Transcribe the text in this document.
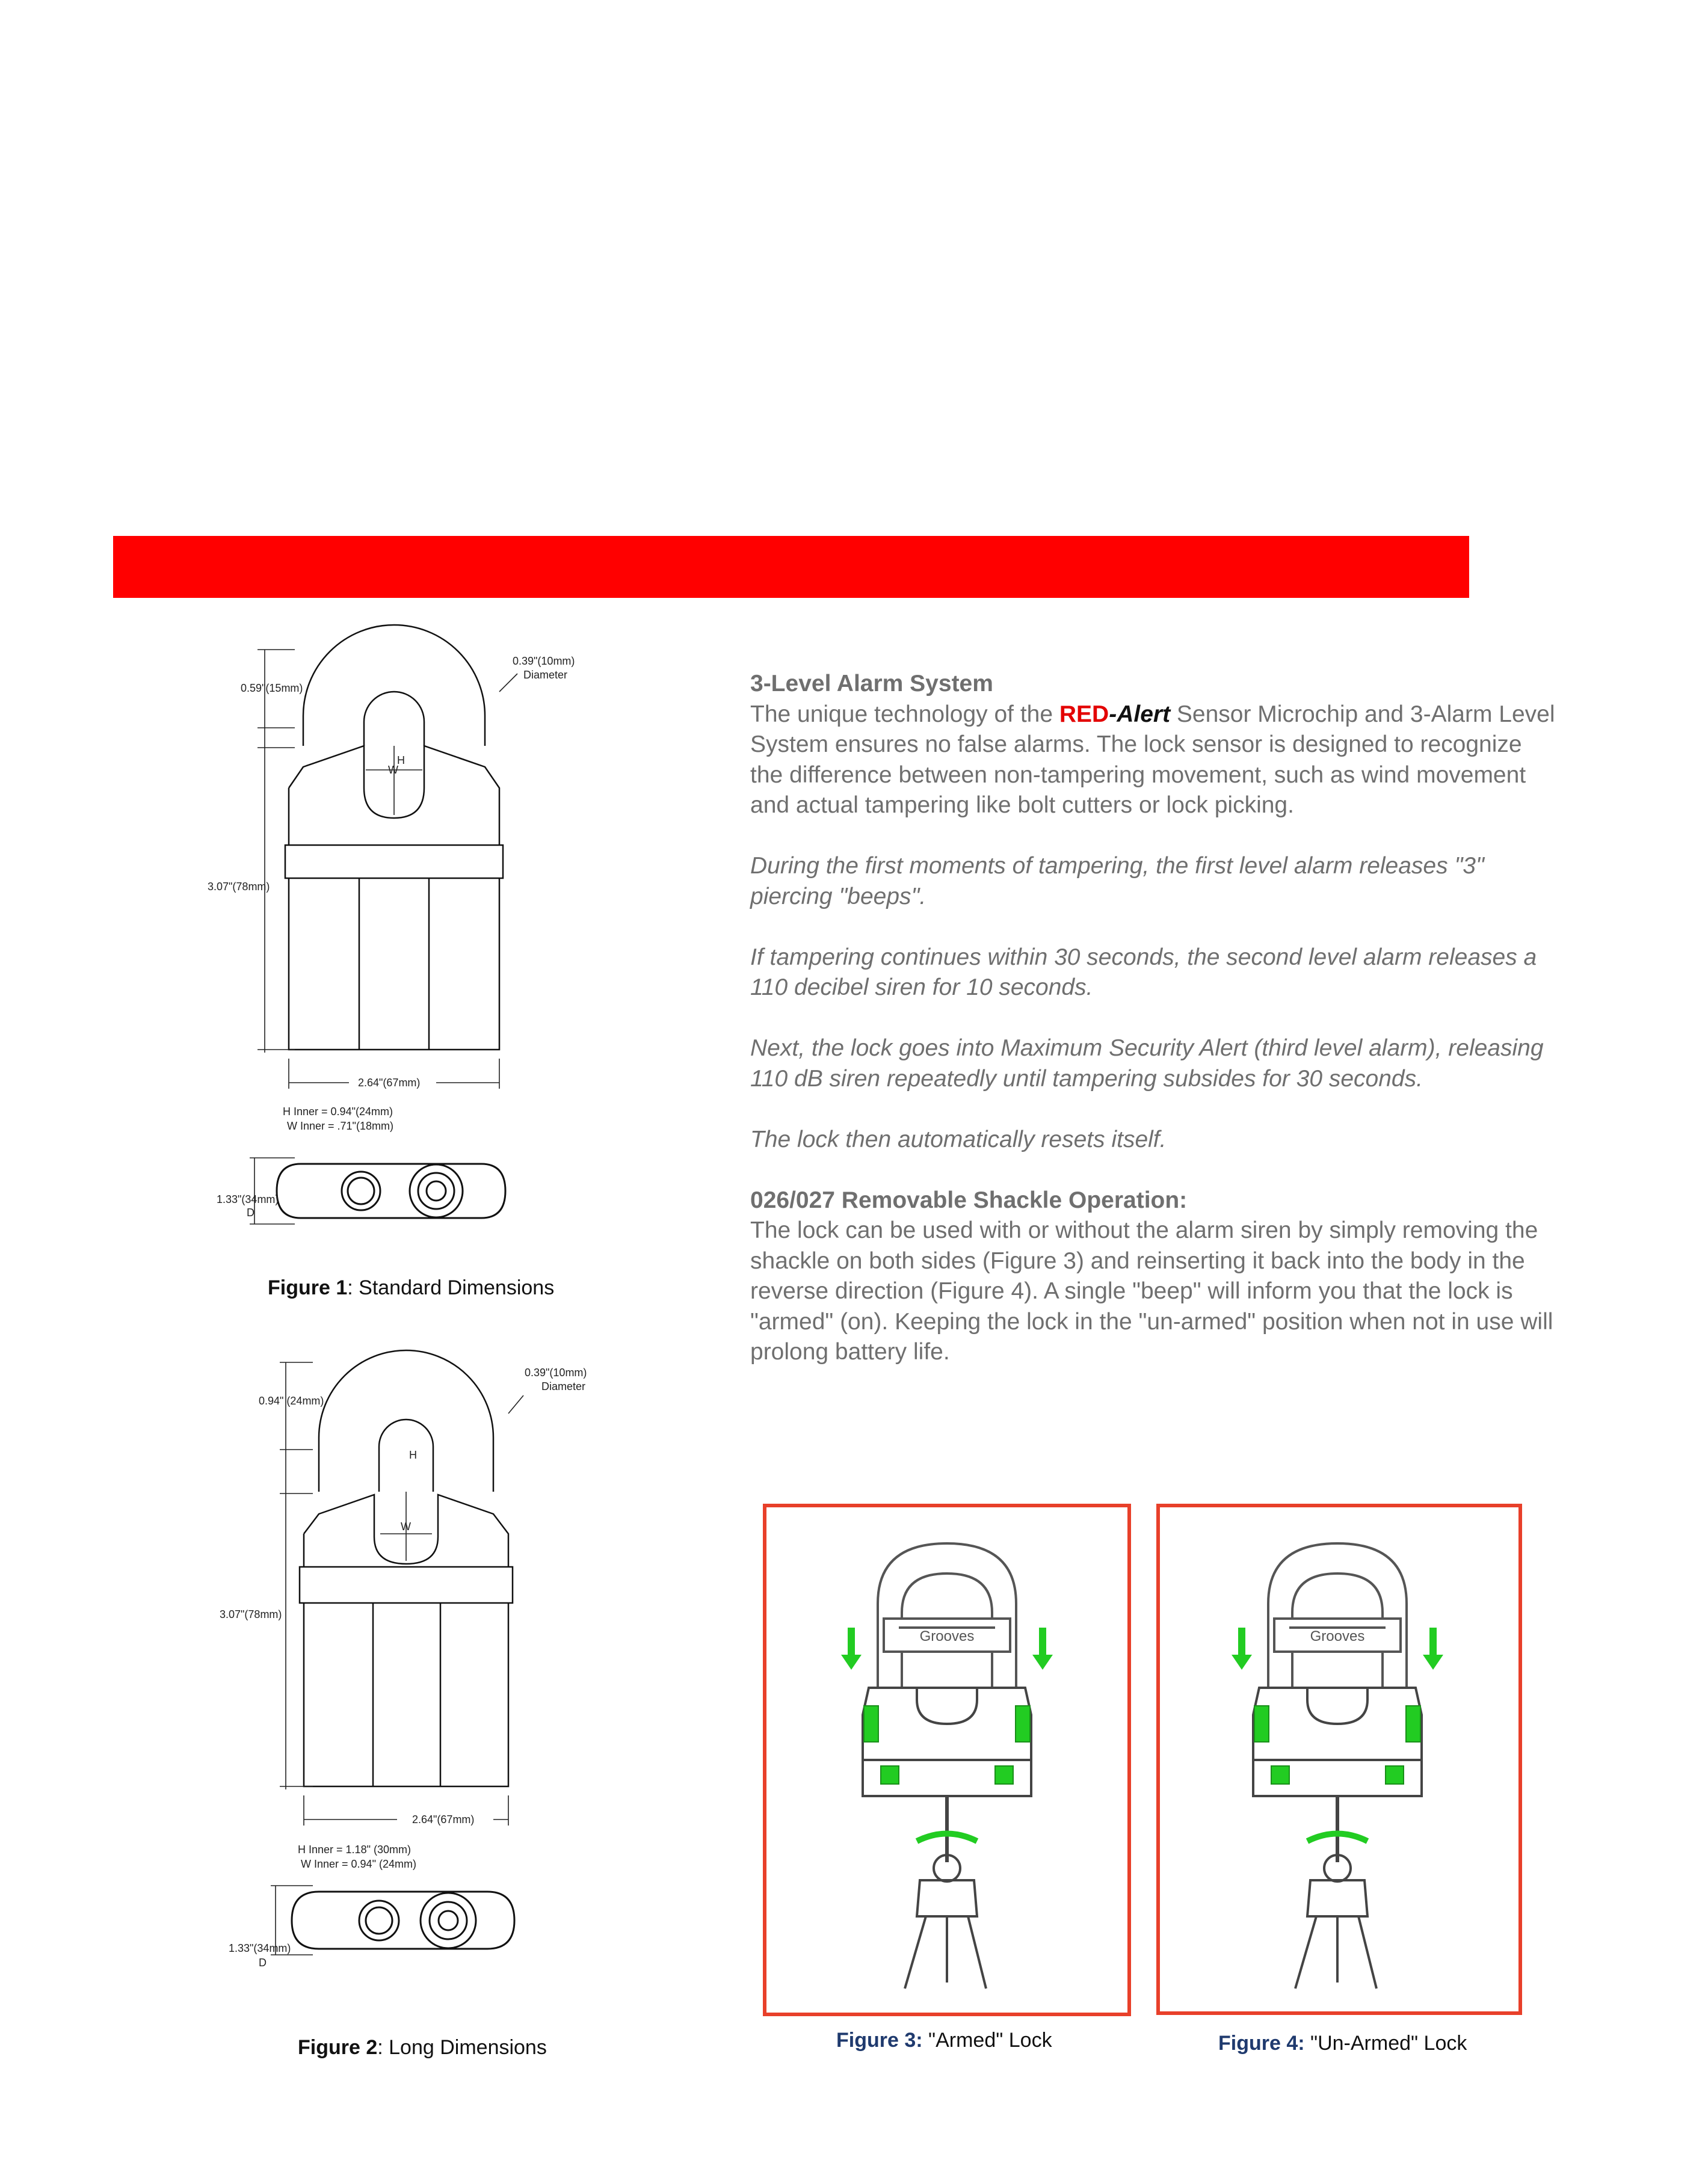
0.39"(10mm)
Diameter
0.59"(15mm)
3.07"(78mm)
H
W
2.64"(67mm)
H Inner = 0.94"(24mm)
W Inner = .71"(18mm)
1.33"(34mm)
D
Figure 1: Standard Dimensions
0.39"(10mm)
Diameter
0.94" (24mm)
3.07"(78mm)
H
W
2.64"(67mm)
H Inner = 1.18" (30mm)
W Inner = 0.94" (24mm)
1.33"(34mm)
D
Figure 2: Long Dimensions

3-Level Alarm System

The unique technology of the RED-Alert Sensor Microchip and 3-Alarm Level System ensures no false alarms. The lock sensor is designed to recognize the difference between non-tampering movement, such as wind movement and actual tampering like bolt cutters or lock picking.

During the first moments of tampering, the first level alarm releases "3" piercing "beeps".

If tampering continues within 30 seconds, the second level alarm releases a 110 decibel siren for 10 seconds.

Next, the lock goes into Maximum Security Alert (third level alarm), releasing 110 dB siren repeatedly until tampering subsides for 30 seconds.

The lock then automatically resets itself.

026/027 Removable Shackle Operation:

The lock can be used with or without the alarm siren by simply removing the shackle on both sides (Figure 3) and reinserting it back into the body in the reverse direction (Figure 4). A single "beep" will inform you that the lock is "armed" (on). Keeping the lock in the "un-armed" position when not in use will prolong battery life.

Grooves
Figure 3: "Armed" Lock
Grooves
Figure 4: "Un-Armed" Lock
